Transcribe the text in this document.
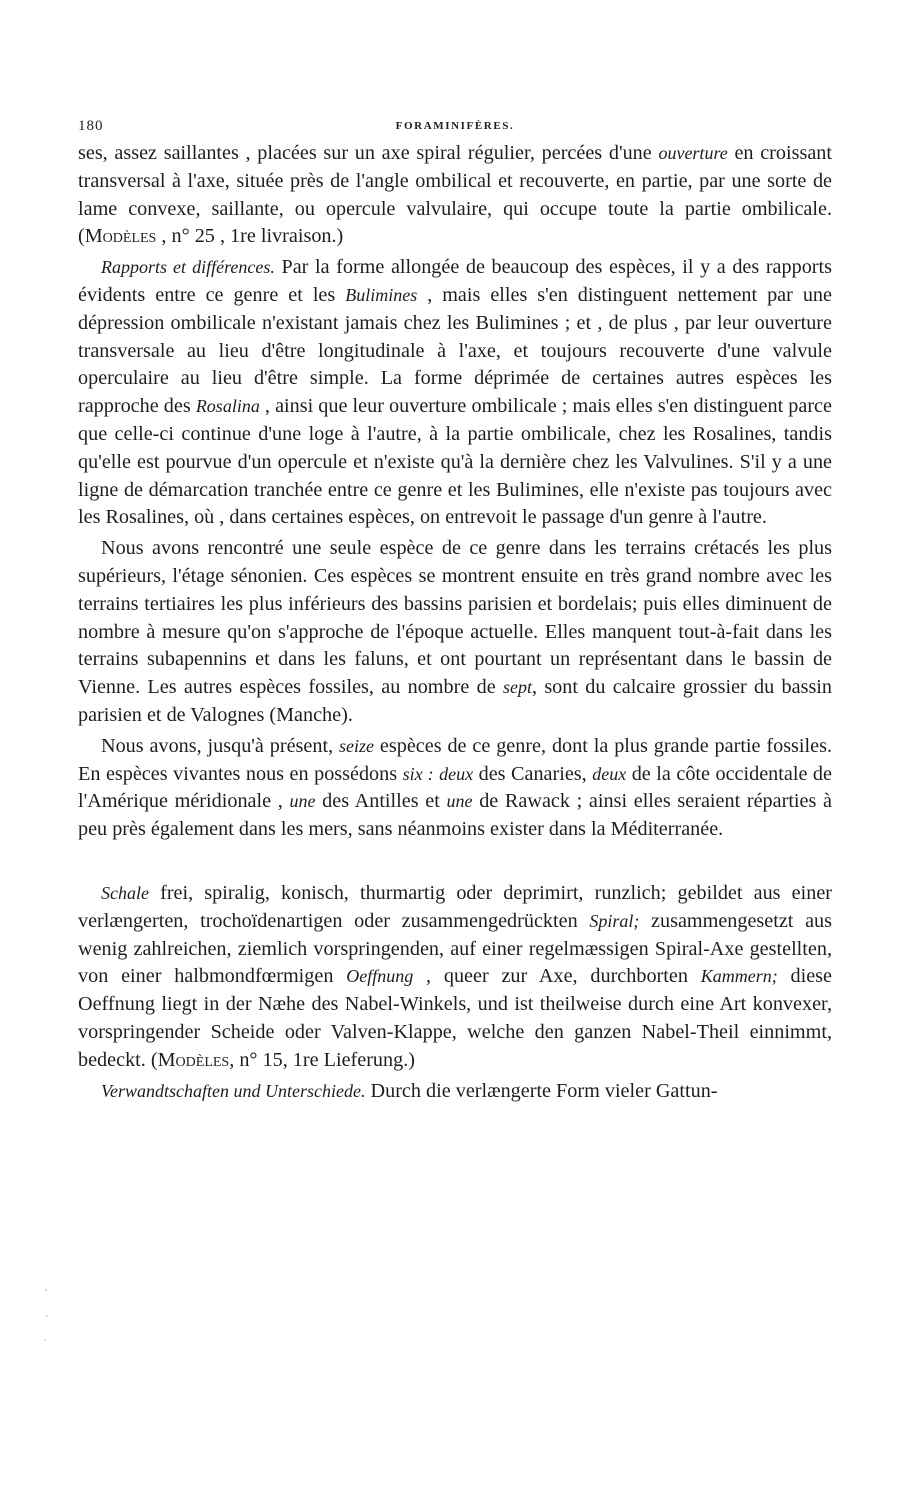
180	FORAMINIFÈRES.

ses, assez saillantes , placées sur un axe spiral régulier, percées d'une ouverture en croissant transversal à l'axe, située près de l'angle ombilical et recouverte, en partie, par une sorte de lame convexe, saillante, ou opercule valvulaire, qui occupe toute la partie ombilicale. (Modèles , n° 25 , 1re livraison.)

Rapports et différences. Par la forme allongée de beaucoup des espèces, il y a des rapports évidents entre ce genre et les Bulimines , mais elles s'en distinguent nettement par une dépression ombilicale n'existant jamais chez les Bulimines ; et , de plus , par leur ouverture transversale au lieu d'être longitudinale à l'axe, et toujours recouverte d'une valvule operculaire au lieu d'être simple. La forme déprimée de certaines autres espèces les rapproche des Rosalina , ainsi que leur ouverture ombilicale ; mais elles s'en distinguent parce que celle-ci continue d'une loge à l'autre, à la partie ombilicale, chez les Rosalines, tandis qu'elle est pourvue d'un opercule et n'existe qu'à la dernière chez les Valvulines. S'il y a une ligne de démarcation tranchée entre ce genre et les Bulimines, elle n'existe pas toujours avec les Rosalines, où , dans certaines espèces, on entrevoit le passage d'un genre à l'autre.

Nous avons rencontré une seule espèce de ce genre dans les terrains crétacés les plus supérieurs, l'étage sénonien. Ces espèces se montrent ensuite en très grand nombre avec les terrains tertiaires les plus inférieurs des bassins parisien et bordelais; puis elles diminuent de nombre à mesure qu'on s'approche de l'époque actuelle. Elles manquent tout-à-fait dans les terrains subapennins et dans les faluns, et ont pourtant un représentant dans le bassin de Vienne. Les autres espèces fossiles, au nombre de sept, sont du calcaire grossier du bassin parisien et de Valognes (Manche).

Nous avons, jusqu'à présent, seize espèces de ce genre, dont la plus grande partie fossiles. En espèces vivantes nous en possédons six : deux des Canaries, deux de la côte occidentale de l'Amérique méridionale , une des Antilles et une de Rawack ; ainsi elles seraient réparties à peu près également dans les mers, sans néanmoins exister dans la Méditerranée.

Schale frei, spiralig, konisch, thurmartig oder deprimirt, runzlich; gebildet aus einer verlængerten, trochoïdenartigen oder zusammengedrückten Spiral; zusammengesetzt aus wenig zahlreichen, ziemlich vorspringenden, auf einer regelmæssigen Spiral-Axe gestellten, von einer halbmondfœrmigen Oeffnung , queer zur Axe, durchborten Kammern; diese Oeffnung liegt in der Næhe des Nabel-Winkels, und ist theilweise durch eine Art konvexer, vorspringender Scheide oder Valven-Klappe, welche den ganzen Nabel-Theil einnimmt, bedeckt. (Modèles, n° 15, 1re Lieferung.)

Verwandtschaften und Unterschiede. Durch die verlængerte Form vieler Gattun-
